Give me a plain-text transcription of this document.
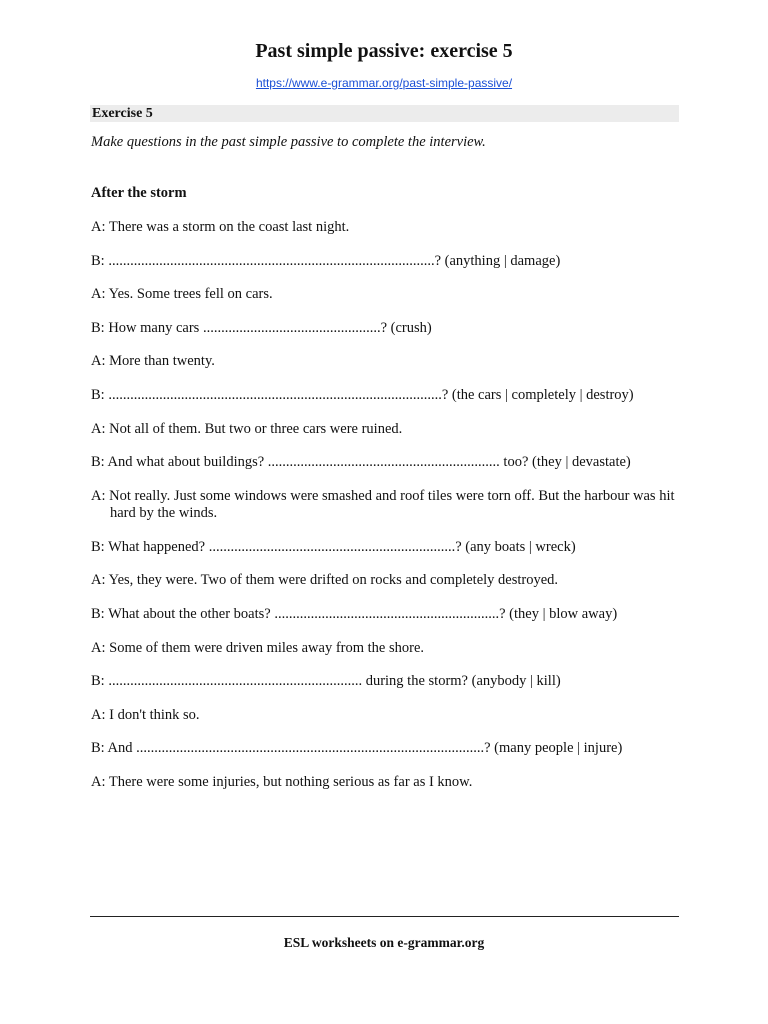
Past simple passive: exercise 5
https://www.e-grammar.org/past-simple-passive/
Exercise 5
Make questions in the past simple passive to complete the interview.
After the storm
A: There was a storm on the coast last night.
B: ..........................................................................................? (anything | damage)
A: Yes. Some trees fell on cars.
B: How many cars .................................................? (crush)
A: More than twenty.
B: ............................................................................................? (the cars | completely | destroy)
A: Not all of them. But two or three cars were ruined.
B: And what about buildings? ................................................................ too? (they | devastate)
A: Not really. Just some windows were smashed and roof tiles were torn off. But the harbour was hit hard by the winds.
B: What happened? ....................................................................? (any boats | wreck)
A: Yes, they were. Two of them were drifted on rocks and completely destroyed.
B: What about the other boats? ..............................................................? (they | blow away)
A: Some of them were driven miles away from the shore.
B: ...................................................................... during the storm? (anybody | kill)
A: I don't think so.
B: And ................................................................................................? (many people | injure)
A: There were some injuries, but nothing serious as far as I know.
ESL worksheets on e-grammar.org
